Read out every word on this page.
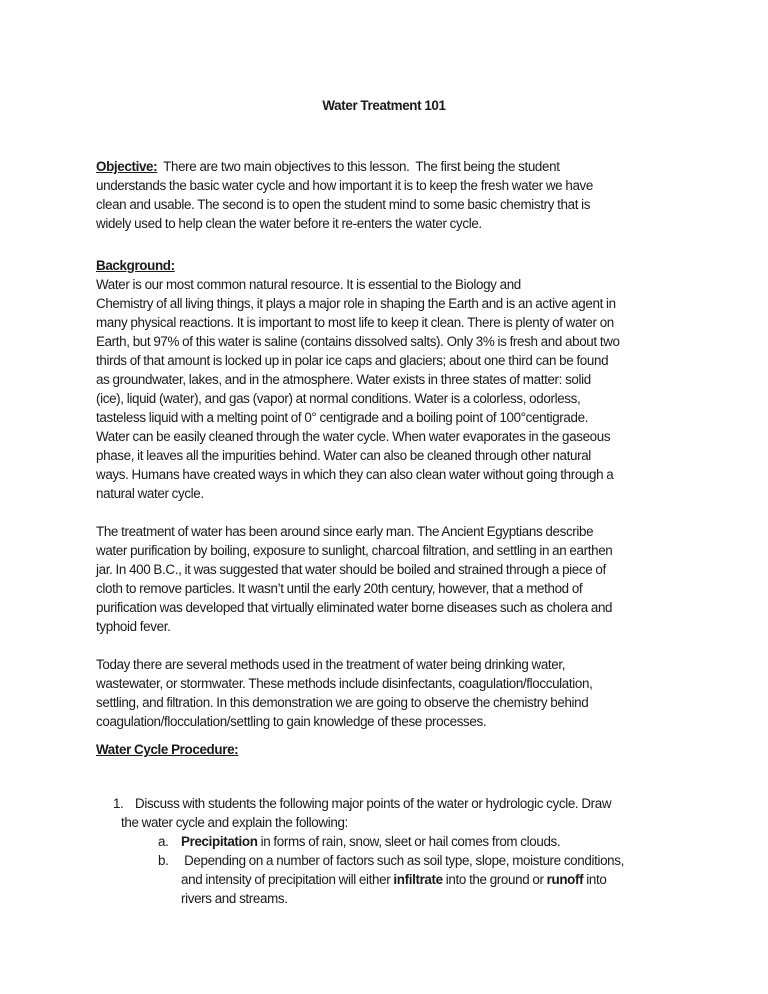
Water Treatment 101
Objective:  There are two main objectives to this lesson.  The first being the student
understands the basic water cycle and how important it is to keep the fresh water we have
clean and usable. The second is to open the student mind to some basic chemistry that is
widely used to help clean the water before it re-enters the water cycle.
Background:
Water is our most common natural resource. It is essential to the Biology and
Chemistry of all living things, it plays a major role in shaping the Earth and is an active agent in
many physical reactions. It is important to most life to keep it clean. There is plenty of water on
Earth, but 97% of this water is saline (contains dissolved salts). Only 3% is fresh and about two
thirds of that amount is locked up in polar ice caps and glaciers; about one third can be found
as groundwater, lakes, and in the atmosphere. Water exists in three states of matter: solid
(ice), liquid (water), and gas (vapor) at normal conditions. Water is a colorless, odorless,
tasteless liquid with a melting point of 0° centigrade and a boiling point of 100°centigrade.
Water can be easily cleaned through the water cycle. When water evaporates in the gaseous
phase, it leaves all the impurities behind. Water can also be cleaned through other natural
ways. Humans have created ways in which they can also clean water without going through a
natural water cycle.
The treatment of water has been around since early man. The Ancient Egyptians describe
water purification by boiling, exposure to sunlight, charcoal filtration, and settling in an earthen
jar. In 400 B.C., it was suggested that water should be boiled and strained through a piece of
cloth to remove particles. It wasn’t until the early 20th century, however, that a method of
purification was developed that virtually eliminated water borne diseases such as cholera and
typhoid fever.
Today there are several methods used in the treatment of water being drinking water,
wastewater, or stormwater. These methods include disinfectants, coagulation/flocculation,
settling, and filtration. In this demonstration we are going to observe the chemistry behind
coagulation/flocculation/settling to gain knowledge of these processes.
Water Cycle Procedure:
1. Discuss with students the following major points of the water or hydrologic cycle. Draw
the water cycle and explain the following:
a. Precipitation in forms of rain, snow, sleet or hail comes from clouds.
b. Depending on a number of factors such as soil type, slope, moisture conditions,
and intensity of precipitation will either infiltrate into the ground or runoff into
rivers and streams.
